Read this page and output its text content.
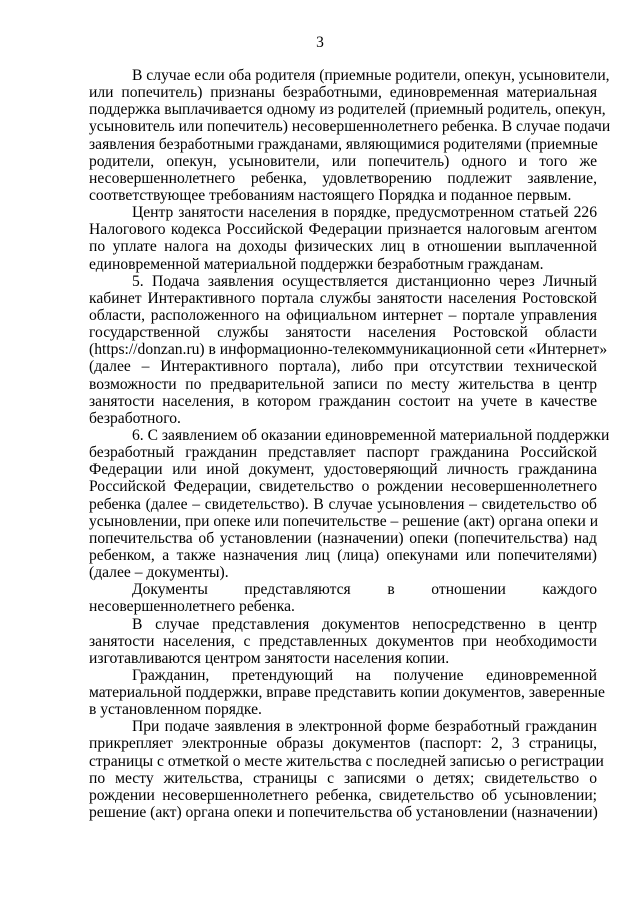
3
В случае если оба родителя (приемные родители, опекун, усыновители,
или попечитель) признаны безработными, единовременная материальная
поддержка выплачивается одному из родителей (приемный родитель, опекун,
усыновитель или попечитель) несовершеннолетнего ребенка. В случае подачи
заявления безработными гражданами, являющимися родителями (приемные
родители, опекун, усыновители, или попечитель) одного и того же
несовершеннолетнего ребенка, удовлетворению подлежит заявление,
соответствующее требованиям настоящего Порядка и поданное первым.
Центр занятости населения в порядке, предусмотренном статьей 226
Налогового кодекса Российской Федерации признается налоговым агентом
по уплате налога на доходы физических лиц в отношении выплаченной
единовременной материальной поддержки безработным гражданам.
5. Подача заявления осуществляется дистанционно через Личный
кабинет Интерактивного портала службы занятости населения Ростовской
области, расположенного на официальном интернет – портале управления
государственной службы занятости населения Ростовской области
(https://donzan.ru) в информационно-телекоммуникационной сети «Интернет»
(далее – Интерактивного портала), либо при отсутствии технической
возможности по предварительной записи по месту жительства в центр
занятости населения, в котором гражданин состоит на учете в качестве
безработного.
6. С заявлением об оказании единовременной материальной поддержки
безработный гражданин представляет паспорт гражданина Российской
Федерации или иной документ, удостоверяющий личность гражданина
Российской Федерации, свидетельство о рождении несовершеннолетнего
ребенка (далее – свидетельство). В случае усыновления – свидетельство об
усыновлении, при опеке или попечительстве – решение (акт) органа опеки и
попечительства об установлении (назначении) опеки (попечительства) над
ребенком, а также назначения лиц (лица) опекунами или попечителями)
(далее – документы).
Документы представляются в отношении каждого
несовершеннолетнего ребенка.
В случае представления документов непосредственно в центр
занятости населения, с представленных документов при необходимости
изготавливаются центром занятости населения копии.
Гражданин, претендующий на получение единовременной
материальной поддержки, вправе представить копии документов, заверенные
в установленном порядке.
При подаче заявления в электронной форме безработный гражданин
прикрепляет электронные образы документов (паспорт: 2, 3 страницы,
страницы с отметкой о месте жительства с последней записью о регистрации
по месту жительства, страницы с записями о детях; свидетельство о
рождении несовершеннолетнего ребенка, свидетельство об усыновлении;
решение (акт) органа опеки и попечительства об установлении (назначении)
